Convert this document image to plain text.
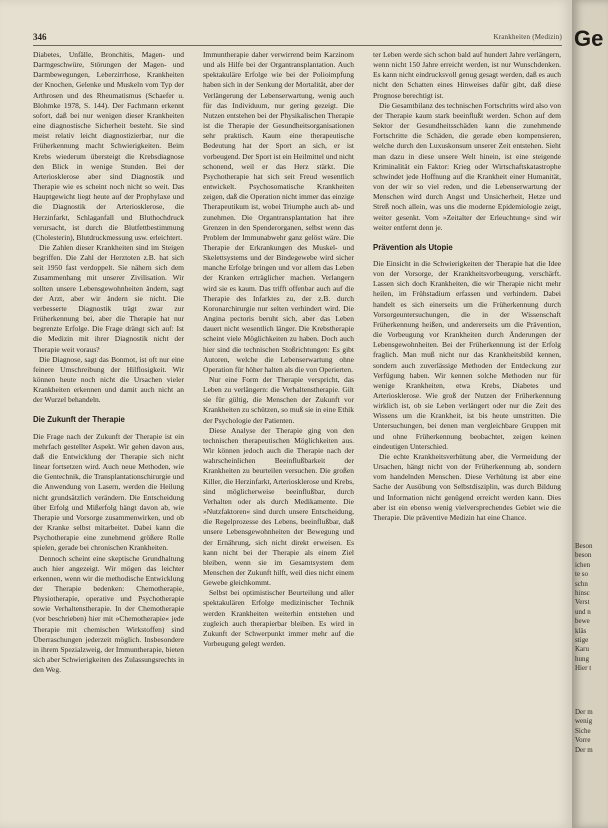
346	Krankheiten (Medizin)

Diabetes, Unfälle, Bronchitis, Magen- und Darmgeschwüre, Störungen der Magen- und Darmbewegungen, Leberzirrhose, Krankheiten der Knochen, Gelenke und Muskeln vom Typ der Arthrosen und des Rheumatismus (Schaefer u. Blohmke 1978, S. 144). Der Fachmann erkennt sofort, daß bei nur wenigen dieser Krankheiten eine diagnostische Sicherheit besteht. Sie sind meist relativ leicht diagnostizierbar, nur die Früherkennung macht Schwierigkeiten. Beim Krebs wiederum übersteigt die Krebsdiagnose den Blick in wenige Stunden. Bei der Arteriosklerose aber sind Diagnostik und Therapie wie es scheint noch nicht so weit. Das Hauptgewicht liegt heute auf der Prophylaxe und die Diagnostik der Arteriosklerose, die Herzinfarkt, Schlaganfall und Bluthochdruck verursacht, ist durch die Blutfettbestimmung (Cholesterin), Blutdruckmessung usw. erleichtert.

Die Zahlen dieser Krankheiten sind im Steigen begriffen. Die Zahl der Herztoten z.B. hat sich seit 1950 fast verdoppelt. Sie nähern sich dem Zusammenhang mit unserer Zivilisation. Wir sollten unsere Lebensgewohnheiten ändern, sagt der Arzt, aber wir ändern sie nicht. Die verbesserte Diagnostik trägt zwar zur Früherkennung bei, aber die Therapie hat nur begrenzte Erfolge. Die Frage drängt sich auf: Ist die Medizin mit ihrer Diagnostik nicht der Therapie weit voraus?

Die Diagnose, sagt das Bonmot, ist oft nur eine feinere Umschreibung der Hilflosigkeit. Wir können heute noch nicht die Ursachen vieler Krankheiten erkennen und damit auch nicht an der Wurzel behandeln.

Die Zukunft der Therapie

Die Frage nach der Zukunft der Therapie ist ein mehrfach gestellter Aspekt. Wir gehen davon aus, daß die Entwicklung der Therapie sich nicht linear fortsetzen wird. Auch neue Methoden, wie die Gentechnik, die Transplantationschirurgie und die Anwendung von Lasern, werden die Heilung nicht grundsätzlich verändern. Die Entscheidung über Erfolg und Mißerfolg hängt davon ab, wie Therapie und Vorsorge zusammenwirken, und ob der Kranke selbst mitarbeitet. Dabei kann die Psychotherapie eine zunehmend größere Rolle spielen, gerade bei chronischen Krankheiten.

Dennoch scheint eine skeptische Grundhaltung auch hier angezeigt. Wir mögen das leichter erkennen, wenn wir die methodische Entwicklung der Therapie bedenken: Chemotherapie, Physiotherapie, operative und Psychotherapie sowie Verhaltenstherapie. In der Chemotherapie (vor beschrieben) hier mit »Chemotherapie« jede Therapie mit chemischen Wirkstoffen) sind Überraschungen jederzeit möglich. Insbesondere in ihrem Spezialzweig, der Immuntherapie, bieten sich aber Schwierigkeiten des Zulassungsrechts in den Weg.

Immuntherapie daher verwirrend beim Karzinom und als Hilfe bei der Organtransplantation. Auch spektakuläre Erfolge wie bei der Polioimpfung haben sich in der Senkung der Mortalität, aber der Verlängerung der Lebenserwartung, wenig auch für das Individuum, nur gering gezeigt. Die Nutzen entstehen bei der Physikalischen Therapie ist die Therapie der Gesundheitsorganisationen sehr praktisch. Kaum eine therapeutische Bedeutung hat der Sport an sich, er ist vorbeugend. Der Sport ist ein Heilmittel und nicht schonend, weil er das Herz stärkt. Die Psychotherapie hat sich seit Freud wesentlich entwickelt. Psychosomatische Krankheiten zeigen, daß die Operation nicht immer das einzige Therapeutikum ist, wobei Triumphe auch ab- und zunehmen. Die Organtransplantation hat ihre Grenzen in den Spenderorganen, selbst wenn das Problem der Immunabwehr ganz gelöst wäre. Die Therapie der Erkrankungen des Muskel- und Skelettsystems und der Bindegewebe wird sicher manche Erfolge bringen und vor allem das Leben der Kranken erträglicher machen. Verlangern wird sie es kaum. Das trifft offenbar auch auf die Therapie des Infarktes zu, der z.B. durch Koronarchirurgie nur selten verhindert wird. Die Angina pectoris beruht sich, aber das Leben dauert nicht wesentlich länger. Die Krebstherapie scheint viele Möglichkeiten zu haben. Doch auch hier sind die technischen Stoßrichtungen: Es gibt Autoren, welche die Lebenserwartung ohne Operation für höher halten als die von Operierten.

Nur eine Form der Therapie verspricht, das Leben zu verlängern: die Verhaltenstherapie. Gilt sie für gültig, die Menschen der Zukunft vor Krankheiten zu schützen, so muß sie in eine Ethik der Psychologie der Patienten.

Diese Analyse der Therapie ging von den technischen therapeutischen Möglichkeiten aus. Wir können jedoch auch die Therapie nach der wahrscheinlichen Beeinflußbarkeit der Krankheiten zu beurteilen versuchen. Die großen Killer, die Herzinfarkt, Arteriosklerose und Krebs, sind möglicherweise beeinflußbar, durch Verhalten oder als durch Medikamente. Die »Nutzfaktoren« sind durch unsere Entscheidung, die Regelprozesse des Lebens, beeinflußbar, daß unsere Lebensgewohnheiten der Bewegung und der Ernährung, sich nicht direkt erweisen. Es kann nicht bei der Therapie als einem Ziel bleiben, wenn sie im Gesamtsystem dem Menschen der Zukunft hilft, weil dies nicht einem Gewebe gleichkommt.

Selbst bei optimistischer Beurteilung und aller spektakulären Erfolge medizinischer Technik werden Krankheiten weiterhin entstehen und zugleich auch therapierbar bleiben. Es wird in Zukunft der Schwerpunkt immer mehr auf die Vorbeugung gelegt werden.

ter Leben werde sich schon bald auf hundert Jahre verlängern, wenn nicht 150 Jahre erreicht werden, ist nur Wunschdenken. Es kann nicht eindrucksvoll genug gesagt werden, daß es auch nicht den Schatten eines Hinweises dafür gibt, daß diese Prognose berechtigt ist.

Die Gesamtbilanz des technischen Fortschritts wird also von der Therapie kaum stark beeinflußt werden. Schon auf dem Sektor der Gesundheitsschäden kann die zunehmende Fortschritte die Schäden, die gerade eben kompensieren, welche durch den Luxuskonsum unserer Zeit entstehen. Sieht man dazu in diese unsere Welt hinein, ist eine steigende Kriminalität ein Faktor: Krieg oder Wirtschaftskatastrophe schwindet jede Hoffnung auf die Krankheit einer Humanität, von der wir so viel reden, und die Lebenserwartung der Menschen wird durch Angst und Unsicherheit, Hetze und Streß noch allein, was uns die moderne Epidemiologie zeigt, weiter gesenkt. Vom »Zeitalter der Erleuchtung« sind wir weiter entfernt denn je.

Prävention als Utopie

Die Einsicht in die Schwierigkeiten der Therapie hat die Idee von der Vorsorge, der Krankheitsvorbeugung, verschärft. Lassen sich doch Krankheiten, die wir Therapie nicht mehr heilen, im Frühstadium erfassen und verhindern. Dabei handelt es sich einerseits um die Früherkennung durch Vorsorgeuntersuchungen, die in der Wissenschaft Früherkennung heißen, und andererseits um die Prävention, die Vorbeugung vor Krankheiten durch Änderungen der Lebensgewohnheiten. Bei der Früherkennung ist der Erfolg fraglich. Man muß nicht nur das Krankheitsbild kennen, sondern auch zuverlässige Methoden der Entdeckung zur Verfügung haben. Wir kennen solche Methoden nur für wenige Krankheiten, etwa Krebs, Diabetes und Arteriosklerose. Wie groß der Nutzen der Früherkennung wirklich ist, ob sie Leben verlängert oder nur die Zeit des Wissens um die Krankheit, ist bis heute umstritten. Die Untersuchungen, bei denen man vergleichbare Gruppen mit und ohne Früherkennung beobachtet, zeigen keinen eindeutigen Unterschied.

Die echte Krankheitsverhütung aber, die Vermeidung der Ursachen, hängt nicht von der Früherkennung ab, sondern vom handelnden Menschen. Diese Verhütung ist aber eine Sache der Ausübung von Selbstdisziplin, was durch Bildung und Information nicht genügend erreicht werden kann. Dies aber ist ein ebenso wenig vielversprechendes Gebiet wie die Therapie. Die präventive Medizin hat eine Chance.

Ge
Beson
beson
ichen
te so
schn
hinsc
Verst
und n
bewe
kläs
stige
Karu
hung
Hier t
Der m
wenig
Siche
Vorre
Der m
